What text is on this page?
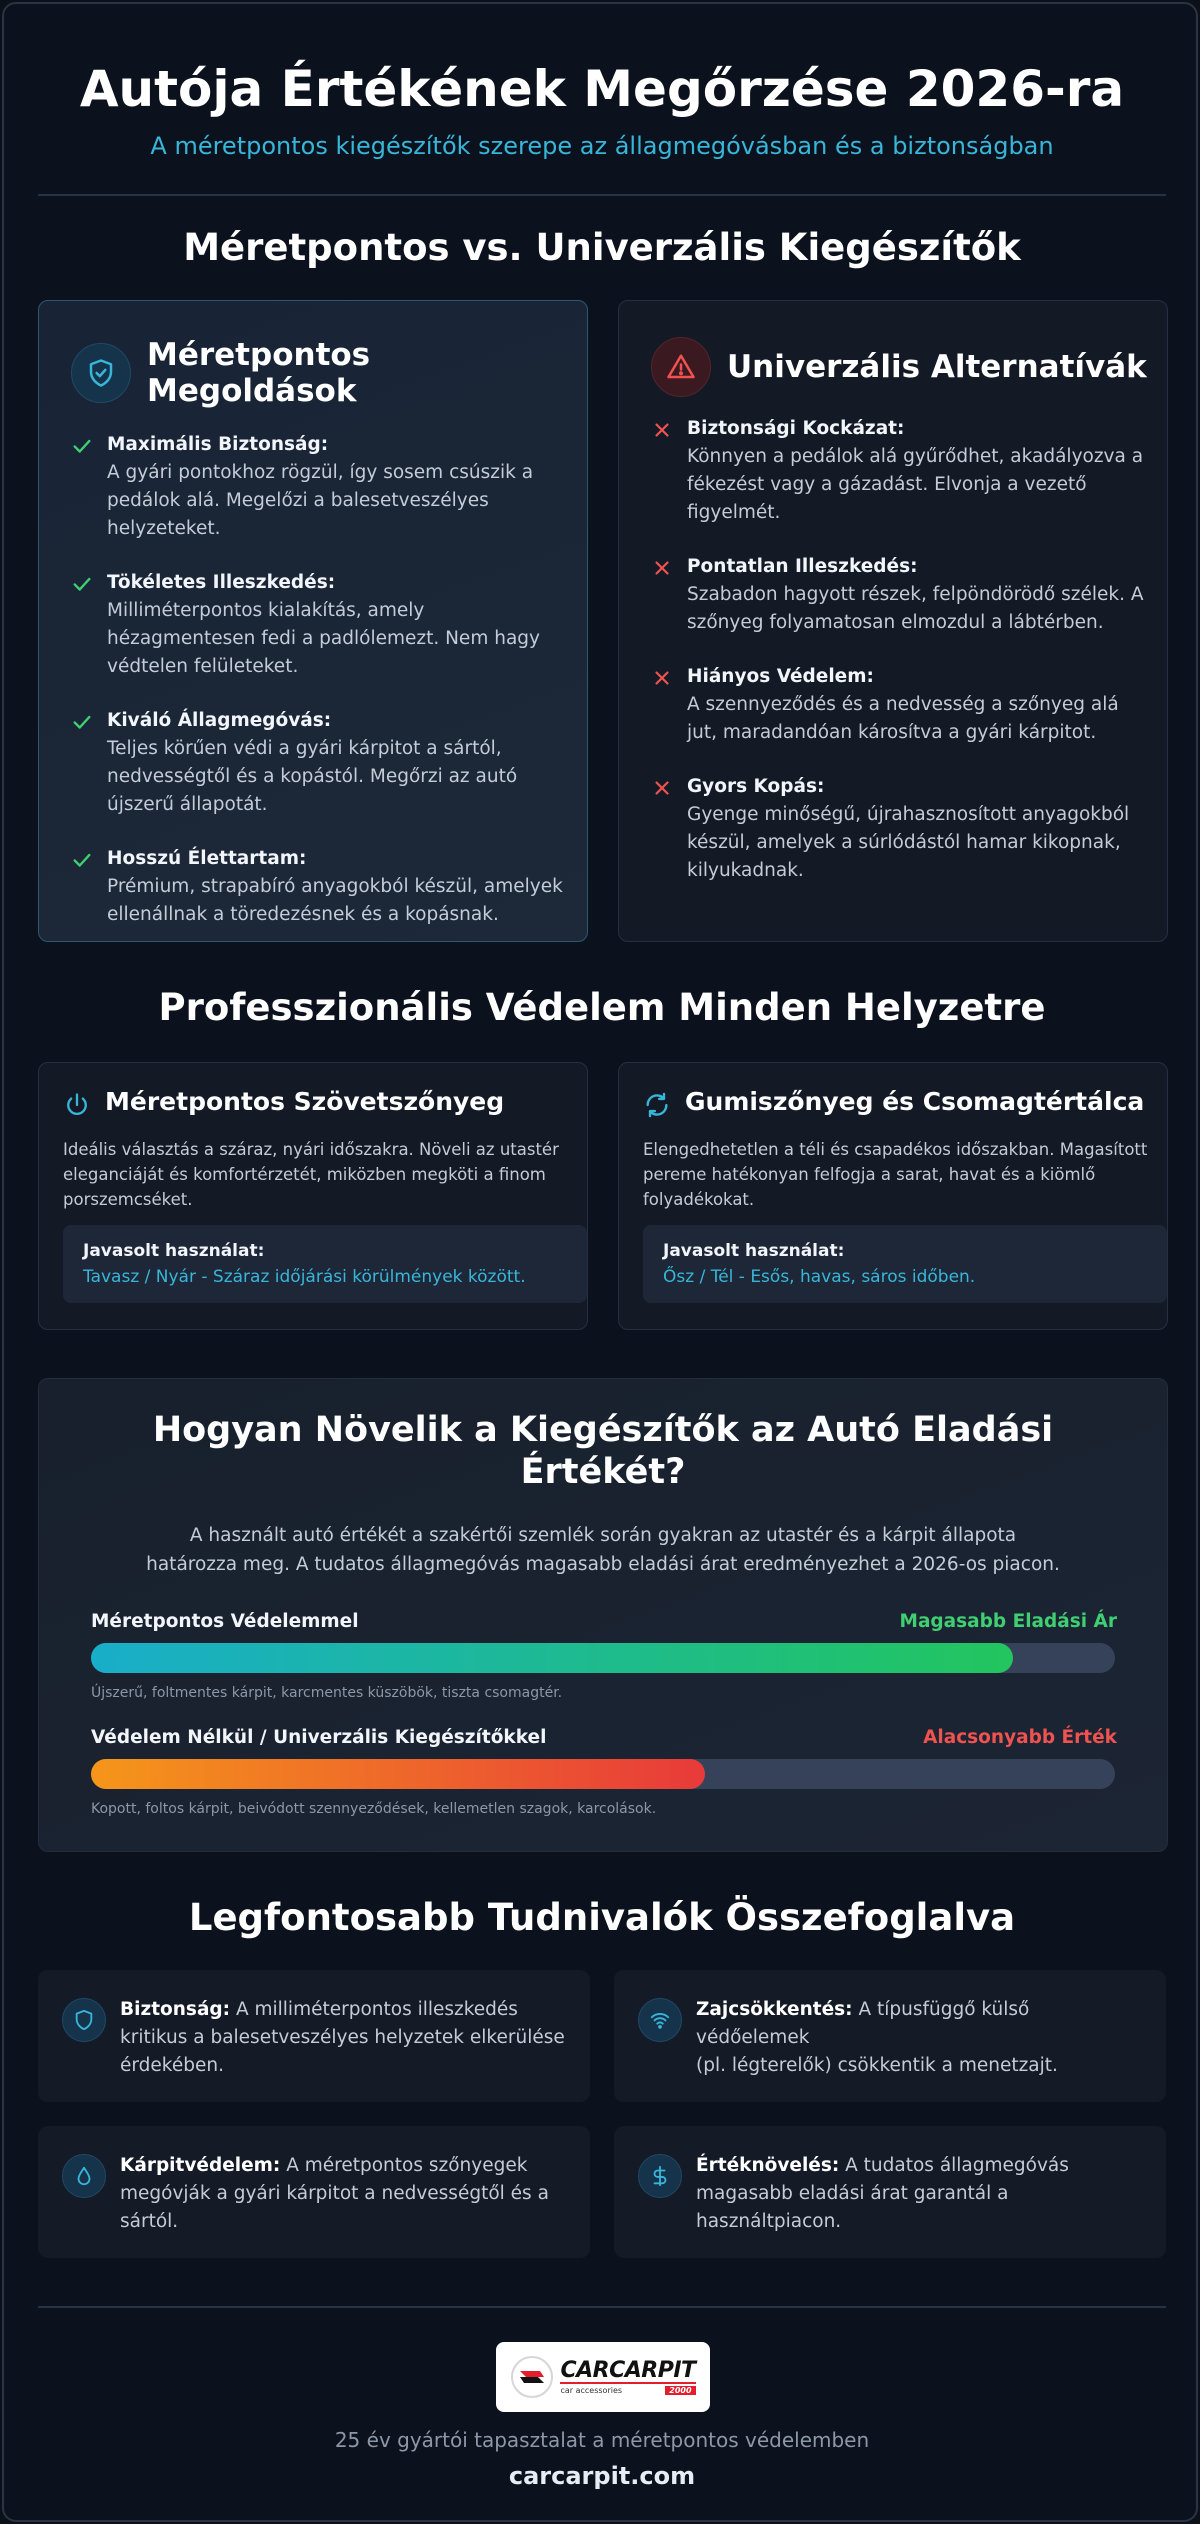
Autója Értékének Megőrzése 2026-ra
A méretpontos kiegészítők szerepe az állagmegóvásban és a biztonságban
Méretpontos vs. Univerzális Kiegészítők
Méretpontos
Megoldások
Maximális Biztonság:
A gyári pontokhoz rögzül, így sosem csúszik a
pedálok alá. Megelőzi a balesetveszélyes
helyzeteket.
Tökéletes Illeszkedés:
Milliméterpontos kialakítás, amely
hézagmentesen fedi a padlólemezt. Nem hagy
védtelen felületeket.
Kiváló Állagmegóvás:
Teljes körűen védi a gyári kárpitot a sártól,
nedvességtől és a kopástól. Megőrzi az autó
újszerű állapotát.
Hosszú Élettartam:
Prémium, strapabíró anyagokból készül, amelyek
ellenállnak a töredezésnek és a kopásnak.
Univerzális Alternatívák
Biztonsági Kockázat:
Könnyen a pedálok alá gyűrődhet, akadályozva a
fékezést vagy a gázadást. Elvonja a vezető
figyelmét.
Pontatlan Illeszkedés:
Szabadon hagyott részek, felpöndörödő szélek. A
szőnyeg folyamatosan elmozdul a lábtérben.
Hiányos Védelem:
A szennyeződés és a nedvesség a szőnyeg alá
jut, maradandóan károsítva a gyári kárpitot.
Gyors Kopás:
Gyenge minőségű, újrahasznosított anyagokból
készül, amelyek a súrlódástól hamar kikopnak,
kilyukadnak.
Professzionális Védelem Minden Helyzetre
Méretpontos Szövetszőnyeg
Ideális választás a száraz, nyári időszakra. Növeli az utastér
eleganciáját és komfortérzetét, miközben megköti a finom
porszemcséket.
Javasolt használat:
Tavasz / Nyár - Száraz időjárási körülmények között.
Gumiszőnyeg és Csomagtértálca
Elengedhetetlen a téli és csapadékos időszakban. Magasított
pereme hatékonyan felfogja a sarat, havat és a kiömlő
folyadékokat.
Javasolt használat:
Ősz / Tél - Esős, havas, sáros időben.
Hogyan Növelik a Kiegészítők az Autó Eladási
Értékét?
A használt autó értékét a szakértői szemlék során gyakran az utastér és a kárpit állapota
határozza meg. A tudatos állagmegóvás magasabb eladási árat eredményezhet a 2026-os piacon.
Méretpontos Védelemmel	Magasabb Eladási Ár
Újszerű, foltmentes kárpit, karcmentes küszöbök, tiszta csomagtér.
Védelem Nélkül / Univerzális Kiegészítőkkel	Alacsonyabb Érték
Kopott, foltos kárpit, beivódott szennyeződések, kellemetlen szagok, karcolások.
Legfontosabb Tudnivalók Összefoglalva
Biztonság: A milliméterpontos illeszkedés
kritikus a balesetveszélyes helyzetek elkerülése
érdekében.
Zajcsökkentés: A típusfüggő külső védőelemek
(pl. légterelők) csökkentik a menetzajt.
Kárpitvédelem: A méretpontos szőnyegek
megóvják a gyári kárpitot a nedvességtől és a
sártól.
Értéknövelés: A tudatos állagmegóvás
magasabb eladási árat garantál a
használtpiacon.
CARCARPIT
car accessories	2000
25 év gyártói tapasztalat a méretpontos védelemben
carcarpit.com
